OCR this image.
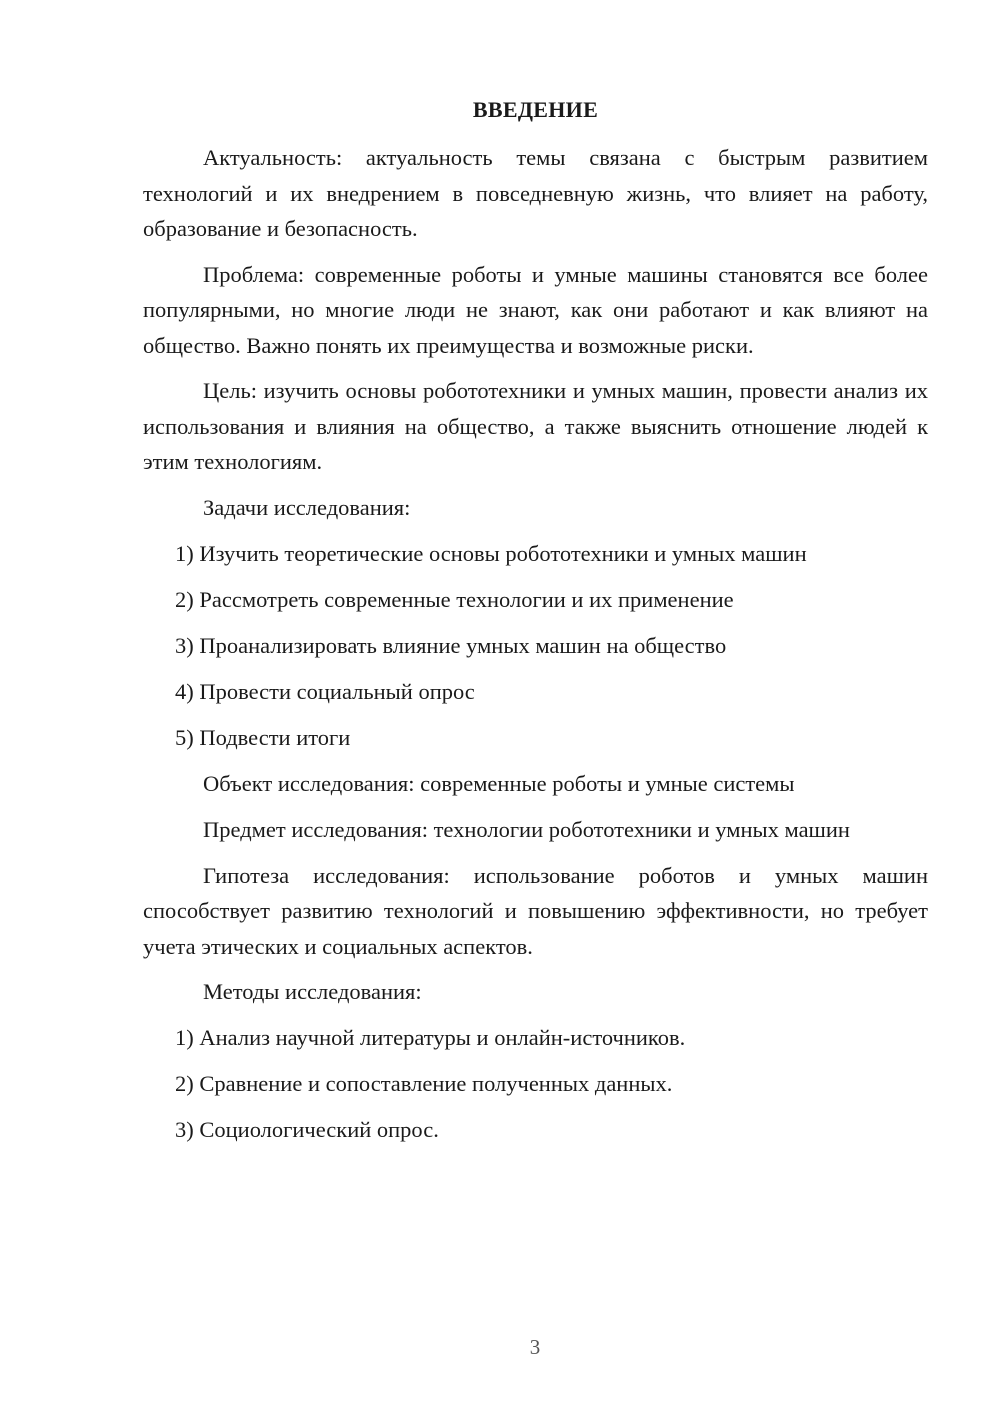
ВВЕДЕНИЕ

Актуальность: актуальность темы связана с быстрым развитием технологий и их внедрением в повседневную жизнь, что влияет на работу, образование и безопасность.

Проблема: современные роботы и умные машины становятся все более популярными, но многие люди не знают, как они работают и как влияют на общество. Важно понять их преимущества и возможные риски.

Цель: изучить основы робототехники и умных машин, провести анализ их использования и влияния на общество, а также выяснить отношение людей к этим технологиям.

Задачи исследования:

1) Изучить теоретические основы робототехники и умных машин
2) Рассмотреть современные технологии и их применение
3) Проанализировать влияние умных машин на общество
4) Провести социальный опрос
5) Подвести итоги

Объект исследования: современные роботы и умные системы

Предмет исследования: технологии робототехники и умных машин

Гипотеза исследования: использование роботов и умных машин способствует развитию технологий и повышению эффективности, но требует учета этических и социальных аспектов.

Методы исследования:

1) Анализ научной литературы и онлайн-источников.
2) Сравнение и сопоставление полученных данных.
3) Социологический опрос.
3
